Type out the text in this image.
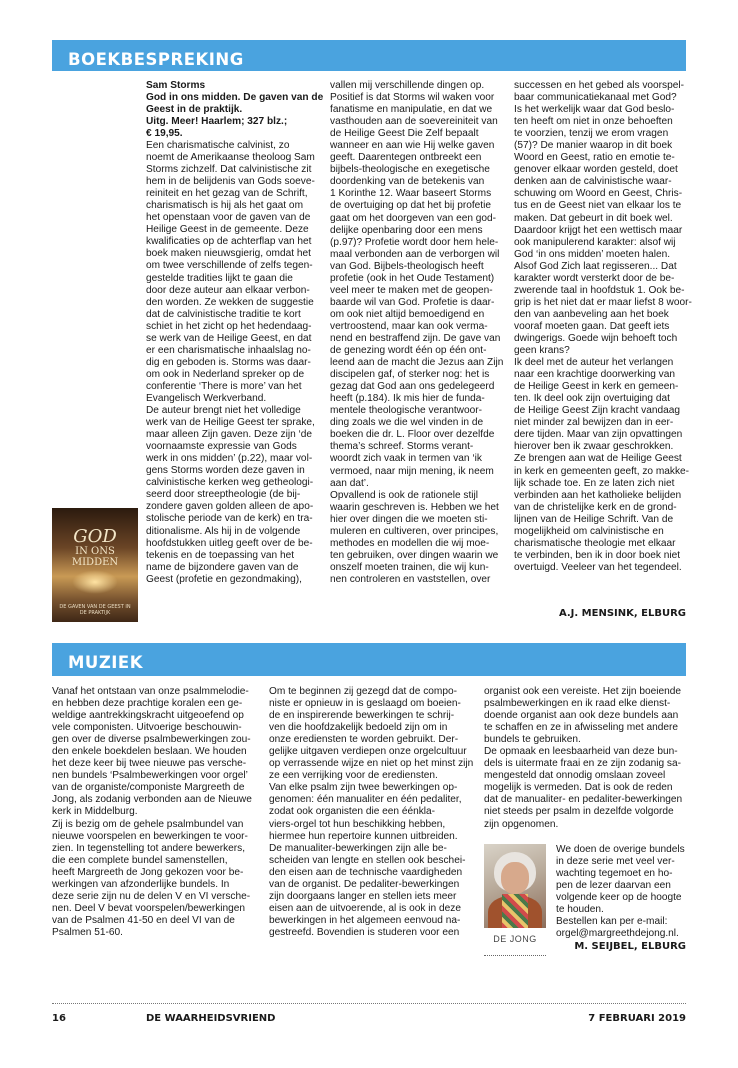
BOEKBESPREKING
Sam Storms
God in ons midden. De gaven van de
Geest in de praktijk.
Uitg. Meer! Haarlem; 327 blz.;
€ 19,95.
Een charismatische calvinist, zo
noemt de Amerikaanse theoloog Sam
Storms zichzelf. Dat calvinistische zit
hem in de belijdenis van Gods soeve-
reiniteit en het gezag van de Schrift,
charismatisch is hij als het gaat om
het openstaan voor de gaven van de
Heilige Geest in de gemeente. Deze
kwalificaties op de achterflap van het
boek maken nieuwsgierig, omdat het
om twee verschillende of zelfs tegen-
gestelde tradities lijkt te gaan die
door deze auteur aan elkaar verbon-
den worden. Ze wekken de suggestie
dat de calvinistische traditie te kort
schiet in het zicht op het hedendaag-
se werk van de Heilige Geest, en dat
er een charismatische inhaalslag no-
dig en geboden is. Storms was daar-
om ook in Nederland spreker op de
conferentie ‘There is more’ van het
Evangelisch Werkverband.
De auteur brengt niet het volledige
werk van de Heilige Geest ter sprake,
maar alleen Zijn gaven. Deze zijn ‘de
voornaamste expressie van Gods
werk in ons midden’ (p.22), maar vol-
gens Storms worden deze gaven in
calvinistische kerken weg getheologi-
seerd door streeptheologie (de bij-
zondere gaven golden alleen de apo-
stolische periode van de kerk) en tra-
ditionalisme. Als hij in de volgende
hoofdstukken uitleg geeft over de be-
tekenis en de toepassing van het
name de bijzondere gaven van de
Geest (profetie en gezondmaking),
GOD
IN ONS
MIDDEN
DE GAVEN VAN DE GEEST IN DE PRAKTIJK
vallen mij verschillende dingen op.
Positief is dat Storms wil waken voor
fanatisme en manipulatie, en dat we
vasthouden aan de soevereiniteit van
de Heilige Geest Die Zelf bepaalt
wanneer en aan wie Hij welke gaven
geeft. Daarentegen ontbreekt een
bijbels-theologische en exegetische
doordenking van de betekenis van
1 Korinthe 12. Waar baseert Storms
de overtuiging op dat het bij profetie
gaat om het doorgeven van een god-
delijke openbaring door een mens
(p.97)? Profetie wordt door hem hele-
maal verbonden aan de verborgen wil
van God. Bijbels-theologisch heeft
profetie (ook in het Oude Testament)
veel meer te maken met de geopen-
baarde wil van God. Profetie is daar-
om ook niet altijd bemoedigend en
vertroostend, maar kan ook verma-
nend en bestraffend zijn. De gave van
de genezing wordt één op één ont-
leend aan de macht die Jezus aan Zijn
discipelen gaf, of sterker nog: het is
gezag dat God aan ons gedelegeerd
heeft (p.184). Ik mis hier de funda-
mentele theologische verantwoor-
ding zoals we die wel vinden in de
boeken die dr. L. Floor over dezelfde
thema’s schreef. Storms verant-
woordt zich vaak in termen van ‘ik
vermoed, naar mijn mening, ik neem
aan dat’.
Opvallend is ook de rationele stijl
waarin geschreven is. Hebben we het
hier over dingen die we moeten sti-
muleren en cultiveren, over principes,
methodes en modellen die wij moe-
ten gebruiken, over dingen waarin we
onszelf moeten trainen, die wij kun-
nen controleren en vaststellen, over
successen en het gebed als voorspel-
baar communicatiekanaal met God?
Is het werkelijk waar dat God beslo-
ten heeft om niet in onze behoeften
te voorzien, tenzij we erom vragen
(57)? De manier waarop in dit boek
Woord en Geest, ratio en emotie te-
genover elkaar worden gesteld, doet
denken aan de calvinistische waar-
schuwing om Woord en Geest, Chris-
tus en de Geest niet van elkaar los te
maken. Dat gebeurt in dit boek wel.
Daardoor krijgt het een wettisch maar
ook manipulerend karakter: alsof wij
God ‘in ons midden’ moeten halen.
Alsof God Zich laat regisseren... Dat
karakter wordt versterkt door de be-
zwerende taal in hoofdstuk 1. Ook be-
grip is het niet dat er maar liefst 8 woor-
den van aanbeveling aan het boek
vooraf moeten gaan. Dat geeft iets
dwingerigs. Goede wijn behoeft toch
geen krans?
Ik deel met de auteur het verlangen
naar een krachtige doorwerking van
de Heilige Geest in kerk en gemeen-
ten. Ik deel ook zijn overtuiging dat
de Heilige Geest Zijn kracht vandaag
niet minder zal bewijzen dan in eer-
dere tijden. Maar van zijn opvattingen
hierover ben ik zwaar geschrokken.
Ze brengen aan wat de Heilige Geest
in kerk en gemeenten geeft, zo makke-
lijk schade toe. En ze laten zich niet
verbinden aan het katholieke belijden
van de christelijke kerk en de grond-
lijnen van de Heilige Schrift. Van de
mogelijkheid om calvinistische en
charismatische theologie met elkaar
te verbinden, ben ik in door boek niet
overtuigd. Veeleer van het tegendeel.
A.J. MENSINK, ELBURG
MUZIEK
Vanaf het ontstaan van onze psalmmelodie-
en hebben deze prachtige koralen een ge-
weldige aantrekkingskracht uitgeoefend op
vele componisten. Uitvoerige beschouwin-
gen over de diverse psalmbewerkingen zou-
den enkele boekdelen beslaan. We houden
het deze keer bij twee nieuwe pas versche-
nen bundels ‘Psalmbewerkingen voor orgel’
van de organiste/componiste Margreeth de
Jong, als zodanig verbonden aan de Nieuwe
kerk in Middelburg.
Zij is bezig om de gehele psalmbundel van
nieuwe voorspelen en bewerkingen te voor-
zien. In tegenstelling tot andere bewerkers,
die een complete bundel samenstellen,
heeft Margreeth de Jong gekozen voor be-
werkingen van afzonderlijke bundels. In
deze serie zijn nu de delen V en VI versche-
nen. Deel V bevat voorspelen/bewerkingen
van de Psalmen 41-50 en deel VI van de
Psalmen 51-60.
Om te beginnen zij gezegd dat de compo-
niste er opnieuw in is geslaagd om boeien-
de en inspirerende bewerkingen te schrij-
ven die hoofdzakelijk bedoeld zijn om in
onze erediensten te worden gebruikt. Der-
gelijke uitgaven verdiepen onze orgelcultuur
op verrassende wijze en niet op het minst zijn
ze een verrijking voor de erediensten.
Van elke psalm zijn twee bewerkingen op-
genomen: één manualiter en één pedaliter,
zodat ook organisten die een éénkla-
viers-orgel tot hun beschikking hebben,
hiermee hun repertoire kunnen uitbreiden.
De manualiter-bewerkingen zijn alle be-
scheiden van lengte en stellen ook beschei-
den eisen aan de technische vaardigheden
van de organist. De pedaliter-bewerkingen
zijn doorgaans langer en stellen iets meer
eisen aan de uitvoerende, al is ook in deze
bewerkingen in het algemeen eenvoud na-
gestreefd. Bovendien is studeren voor een
organist ook een vereiste. Het zijn boeiende
psalmbewerkingen en ik raad elke dienst-
doende organist aan ook deze bundels aan
te schaffen en ze in afwisseling met andere
bundels te gebruiken.
De opmaak en leesbaarheid van deze bun-
dels is uitermate fraai en ze zijn zodanig sa-
mengesteld dat onnodig omslaan zoveel
mogelijk is vermeden. Dat is ook de reden
dat de manualiter- en pedaliter-bewerkingen
niet steeds per psalm in dezelfde volgorde
zijn opgenomen.
DE JONG
We doen de overige bundels
in deze serie met veel ver-
wachting tegemoet en ho-
pen de lezer daarvan een
volgende keer op de hoogte
te houden.
Bestellen kan per e-mail:
orgel@margreethdejong.nl.
M. SEIJBEL, ELBURG
16	DE WAARHEIDSVRIEND	7 FEBRUARI 2019
